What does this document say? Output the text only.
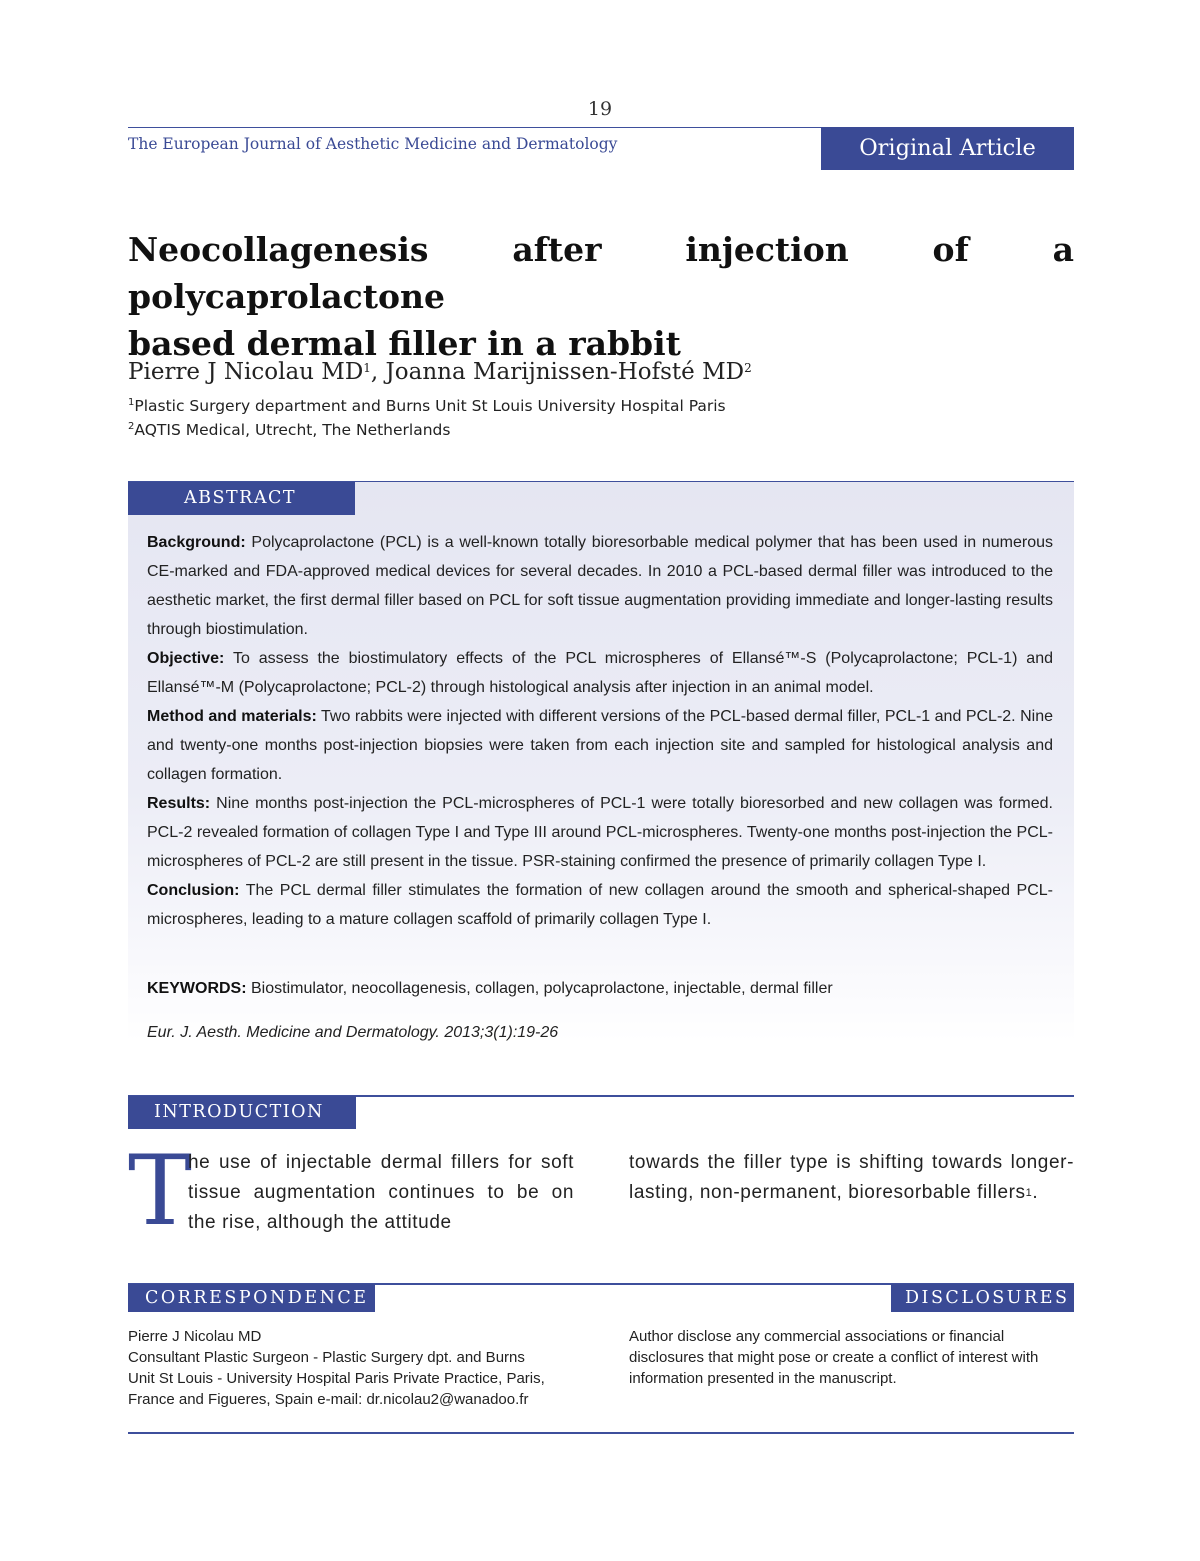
19
The European Journal of Aesthetic Medicine and Dermatology	Original Article
Neocollagenesis after injection of a polycaprolactone
based dermal filler in a rabbit
Pierre J Nicolau $MD^1$, Joanna Marijnissen-Hofsté $MD^2$
$^1$Plastic Surgery department and Burns Unit St Louis University Hospital Paris
$^2$AQTIS Medical, Utrecht, The Netherlands
ABSTRACT

Background: Polycaprolactone (PCL) is a well-known totally bioresorbable medical polymer that has been used in numerous CE-marked and FDA-approved medical devices for several decades. In 2010 a PCL-based dermal filler was introduced to the aesthetic market, the first dermal filler based on PCL for soft tissue augmentation providing immediate and longer-lasting results through biostimulation.

Objective: To assess the biostimulatory effects of the PCL microspheres of Ellansé™-S (Polycaprolactone; PCL-1) and Ellansé™-M (Polycaprolactone; PCL-2) through histological analysis after injection in an animal model.

Method and materials: Two rabbits were injected with different versions of the PCL-based dermal filler, PCL-1 and PCL-2. Nine and twenty-one months post-injection biopsies were taken from each injection site and sampled for histological analysis and collagen formation.

Results: Nine months post-injection the PCL-microspheres of PCL-1 were totally bioresorbed and new collagen was formed. PCL-2 revealed formation of collagen Type I and Type III around PCL-microspheres. Twenty-one months post-injection the PCL-microspheres of PCL-2 are still present in the tissue. PSR-staining confirmed the presence of primarily collagen Type I.

Conclusion: The PCL dermal filler stimulates the formation of new collagen around the smooth and spherical-shaped PCL-microspheres, leading to a mature collagen scaffold of primarily collagen Type I.

KEYWORDS: Biostimulator, neocollagenesis, collagen, polycaprolactone, injectable, dermal filler
Eur. J. Aesth. Medicine and Dermatology. 2013;3(1):19-26
INTRODUCTION
T
he use of injectable dermal fillers for soft tissue augmentation continues to be on the rise, although the attitude
towards the filler type is shifting towards longer-lasting, non-permanent, bioresorbable fillers$^1$.
CORRESPONDENCE	DISCLOSURES
Pierre J Nicolau MD
Consultant Plastic Surgeon - Plastic Surgery dpt. and Burns
Unit St Louis - University Hospital Paris Private Practice, Paris,
France and Figueres, Spain e-mail: dr.nicolau2@wanadoo.fr
Author disclose any commercial associations or financial disclosures that might pose or create a conflict of interest with information presented in the manuscript.
